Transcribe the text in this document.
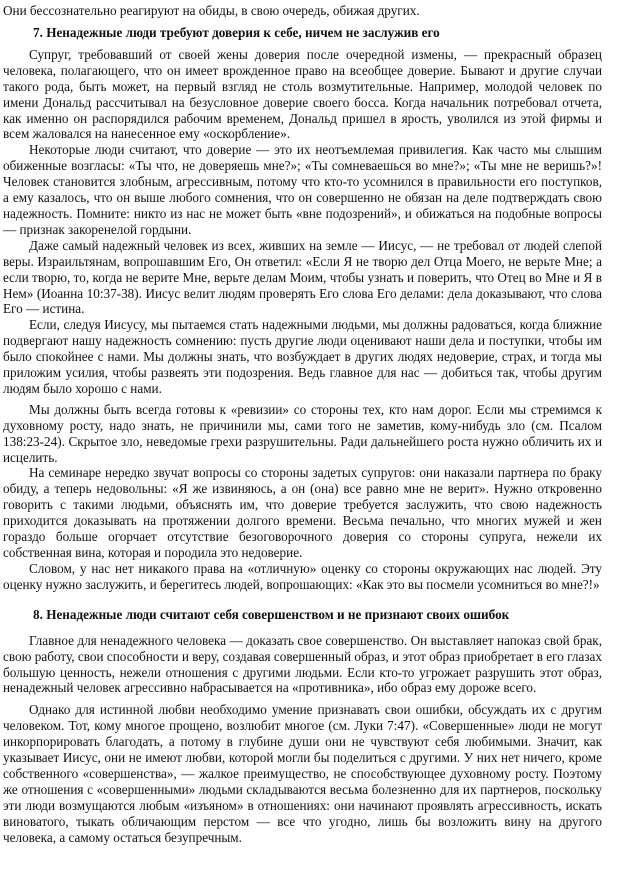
Они бессознательно реагируют на обиды, в свою очередь, обижая других.

7. Ненадежные люди требуют доверия к себе, ничем не заслужив его

Супруг, требовавший от своей жены доверия после очередной измены, — прекрасный образец человека, полагающего, что он имеет врожденное право на всеобщее доверие. Бывают и другие случаи такого рода, быть может, на первый взгляд не столь возмутительные. Например, молодой человек по имени Дональд рассчитывал на безусловное доверие своего босса. Когда начальник потребовал отчета, как именно он распорядился рабочим временем, Дональд пришел в ярость, уволился из этой фирмы и всем жаловался на нанесенное ему «оскорбление».

Некоторые люди считают, что доверие — это их неотъемлемая привилегия. Как часто мы слышим обиженные возгласы: «Ты что, не доверяешь мне?»; «Ты сомневаешься во мне?»; «Ты мне не веришь?»! Человек становится злобным, агрессивным, потому что кто-то усомнился в правильности его поступков, а ему казалось, что он выше любого сомнения, что он совершенно не обязан на деле подтверждать свою надежность. Помните: никто из нас не может быть «вне подозрений», и обижаться на подобные вопросы — признак закоренелой гордыни.

Даже самый надежный человек из всех, живших на земле — Иисус, — не требовал от людей слепой веры. Израильтянам, вопрошавшим Его, Он ответил: «Если Я не творю дел Отца Моего, не верьте Мне; а если творю, то, когда не верите Мне, верьте делам Моим, чтобы узнать и поверить, что Отец во Мне и Я в Нем» (Иоанна 10:37-38). Иисус велит людям проверять Его слова Его делами: дела доказывают, что слова Его — истина.

Если, следуя Иисусу, мы пытаемся стать надежными людьми, мы должны радоваться, когда ближние подвергают нашу надежность сомнению: пусть другие люди оценивают наши дела и поступки, чтобы им было спокойнее с нами. Мы должны знать, что возбуждает в других людях недоверие, страх, и тогда мы приложим усилия, чтобы развеять эти подозрения. Ведь главное для нас — добиться так, чтобы другим людям было хорошо с нами.

Мы должны быть всегда готовы к «ревизии» со стороны тех, кто нам дорог. Если мы стремимся к духовному росту, надо знать, не причинили мы, сами того не заметив, кому-нибудь зло (см. Псалом 138:23-24). Скрытое зло, неведомые грехи разрушительны. Ради дальнейшего роста нужно обличить их и исцелить.

На семинаре нередко звучат вопросы со стороны задетых супругов: они наказали партнера по браку обиду, а теперь недовольны: «Я же извиняюсь, а он (она) все равно мне не верит». Нужно откровенно говорить с такими людьми, объяснять им, что доверие требуется заслужить, что свою надежность приходится доказывать на протяжении долгого времени. Весьма печально, что многих мужей и жен гораздо больше огорчает отсутствие безоговорочного доверия со стороны супруга, нежели их собственная вина, которая и породила это недоверие.

Словом, у нас нет никакого права на «отличную» оценку со стороны окружающих нас людей. Эту оценку нужно заслужить, и берегитесь людей, вопрошающих: «Как это вы посмели усомниться во мне?!»

8. Ненадежные люди считают себя совершенством и не признают своих ошибок

Главное для ненадежного человека — доказать свое совершенство. Он выставляет напоказ свой брак, свою работу, свои способности и веру, создавая совершенный образ, и этот образ приобретает в его глазах большую ценность, нежели отношения с другими людьми. Если кто-то угрожает разрушить этот образ, ненадежный человек агрессивно набрасывается на «противника», ибо образ ему дороже всего.

Однако для истинной любви необходимо умение признавать свои ошибки, обсуждать их с другим человеком. Тот, кому многое прощено, возлюбит многое (см. Луки 7:47). «Совершенные» люди не могут инкорпорировать благодать, а потому в глубине души они не чувствуют себя любимыми. Значит, как указывает Иисус, они не имеют любви, которой могли бы поделиться с другими. У них нет ничего, кроме собственного «совершенства», — жалкое преимущество, не способствующее духовному росту. Поэтому же отношения с «совершенными» людьми складываются весьма болезненно для их партнеров, поскольку эти люди возмущаются любым «изъяном» в отношениях: они начинают проявлять агрессивность, искать виноватого, тыкать обличающим перстом — все что угодно, лишь бы возложить вину на другого человека, а самому остаться безупречным.
